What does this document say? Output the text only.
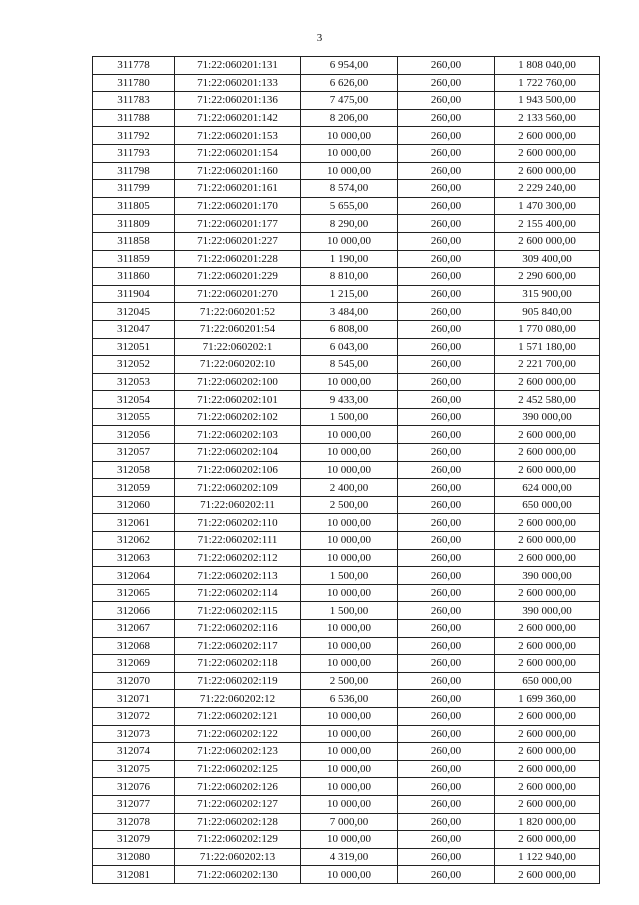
3
311778	71:22:060201:131	6 954,00	260,00	1 808 040,00
311780	71:22:060201:133	6 626,00	260,00	1 722 760,00
311783	71:22:060201:136	7 475,00	260,00	1 943 500,00
311788	71:22:060201:142	8 206,00	260,00	2 133 560,00
311792	71:22:060201:153	10 000,00	260,00	2 600 000,00
311793	71:22:060201:154	10 000,00	260,00	2 600 000,00
311798	71:22:060201:160	10 000,00	260,00	2 600 000,00
311799	71:22:060201:161	8 574,00	260,00	2 229 240,00
311805	71:22:060201:170	5 655,00	260,00	1 470 300,00
311809	71:22:060201:177	8 290,00	260,00	2 155 400,00
311858	71:22:060201:227	10 000,00	260,00	2 600 000,00
311859	71:22:060201:228	1 190,00	260,00	309 400,00
311860	71:22:060201:229	8 810,00	260,00	2 290 600,00
311904	71:22:060201:270	1 215,00	260,00	315 900,00
312045	71:22:060201:52	3 484,00	260,00	905 840,00
312047	71:22:060201:54	6 808,00	260,00	1 770 080,00
312051	71:22:060202:1	6 043,00	260,00	1 571 180,00
312052	71:22:060202:10	8 545,00	260,00	2 221 700,00
312053	71:22:060202:100	10 000,00	260,00	2 600 000,00
312054	71:22:060202:101	9 433,00	260,00	2 452 580,00
312055	71:22:060202:102	1 500,00	260,00	390 000,00
312056	71:22:060202:103	10 000,00	260,00	2 600 000,00
312057	71:22:060202:104	10 000,00	260,00	2 600 000,00
312058	71:22:060202:106	10 000,00	260,00	2 600 000,00
312059	71:22:060202:109	2 400,00	260,00	624 000,00
312060	71:22:060202:11	2 500,00	260,00	650 000,00
312061	71:22:060202:110	10 000,00	260,00	2 600 000,00
312062	71:22:060202:111	10 000,00	260,00	2 600 000,00
312063	71:22:060202:112	10 000,00	260,00	2 600 000,00
312064	71:22:060202:113	1 500,00	260,00	390 000,00
312065	71:22:060202:114	10 000,00	260,00	2 600 000,00
312066	71:22:060202:115	1 500,00	260,00	390 000,00
312067	71:22:060202:116	10 000,00	260,00	2 600 000,00
312068	71:22:060202:117	10 000,00	260,00	2 600 000,00
312069	71:22:060202:118	10 000,00	260,00	2 600 000,00
312070	71:22:060202:119	2 500,00	260,00	650 000,00
312071	71:22:060202:12	6 536,00	260,00	1 699 360,00
312072	71:22:060202:121	10 000,00	260,00	2 600 000,00
312073	71:22:060202:122	10 000,00	260,00	2 600 000,00
312074	71:22:060202:123	10 000,00	260,00	2 600 000,00
312075	71:22:060202:125	10 000,00	260,00	2 600 000,00
312076	71:22:060202:126	10 000,00	260,00	2 600 000,00
312077	71:22:060202:127	10 000,00	260,00	2 600 000,00
312078	71:22:060202:128	7 000,00	260,00	1 820 000,00
312079	71:22:060202:129	10 000,00	260,00	2 600 000,00
312080	71:22:060202:13	4 319,00	260,00	1 122 940,00
312081	71:22:060202:130	10 000,00	260,00	2 600 000,00
